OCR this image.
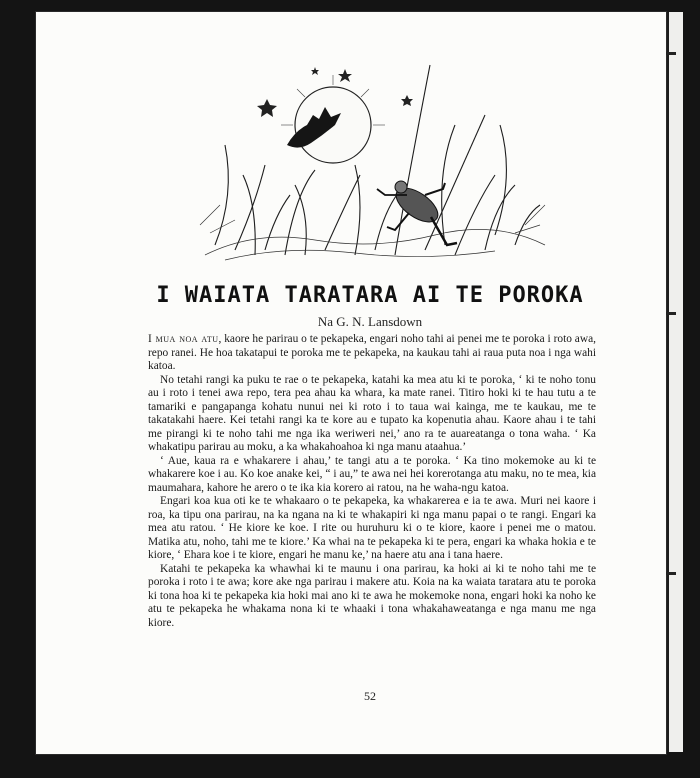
I WAIATA TARATARA AI TE POROKA
Na G. N. Lansdown

I mua noa atu, kaore he parirau o te pekapeka, engari noho tahi ai penei me te poroka i roto awa, repo ranei. He hoa takatapui te poroka me te pekapeka, na kaukau tahi ai raua puta noa i nga wahi katoa.

No tetahi rangi ka puku te rae o te pekapeka, katahi ka mea atu ki te poroka, ‘ ki te noho tonu au i roto i tenei awa repo, tera pea ahau ka whara, ka mate ranei. Titiro hoki ki te hau tutu a te tamariki e pangapanga kohatu nunui nei ki roto i to taua wai kainga, me te kaukau, me te takatakahi haere. Kei tetahi rangi ka te kore au e tupato ka kopenutia ahau. Kaore ahau i te tahi me pirangi ki te noho tahi me nga ika weriweri nei,’ ano ra te auareatanga o tona waha. ‘ Ka whakatipu parirau au moku, a ka whakahoahoa ki nga manu ataahua.’

‘ Aue, kaua ra e whakarere i ahau,’ te tangi atu a te poroka. ‘ Ka tino mokemoke au ki te whakarere koe i au. Ko koe anake kei, “ i au,” te awa nei hei korerotanga atu maku, no te mea, kia maumahara, kahore he arero o te ika kia korero ai ratou, na he waha-ngu katoa.

Engari koa kua oti ke te whakaaro o te pekapeka, ka whakarerea e ia te awa. Muri nei kaore i roa, ka tipu ona parirau, na ka ngana na ki te whakapiri ki nga manu papai o te rangi. Engari ka mea atu ratou. ‘ He kiore ke koe. I rite ou huruhuru ki o te kiore, kaore i penei me o matou. Matika atu, noho, tahi me te kiore.’ Ka whai na te pekapeka ki te pera, engari ka whaka hokia e te kiore, ‘ Ehara koe i te kiore, engari he manu ke,’ na haere atu ana i tana haere.

Katahi te pekapeka ka whawhai ki te maunu i ona parirau, ka hoki ai ki te noho tahi me te poroka i roto i te awa; kore ake nga parirau i makere atu. Koia na ka waiata taratara atu te poroka ki tona hoa ki te pekapeka kia hoki mai ano ki te awa he mokemoke nona, engari hoki ka noho ke atu te pekapeka he whakama nona ki te whaaki i tona whakahaweatanga e nga manu me nga kiore.

52
